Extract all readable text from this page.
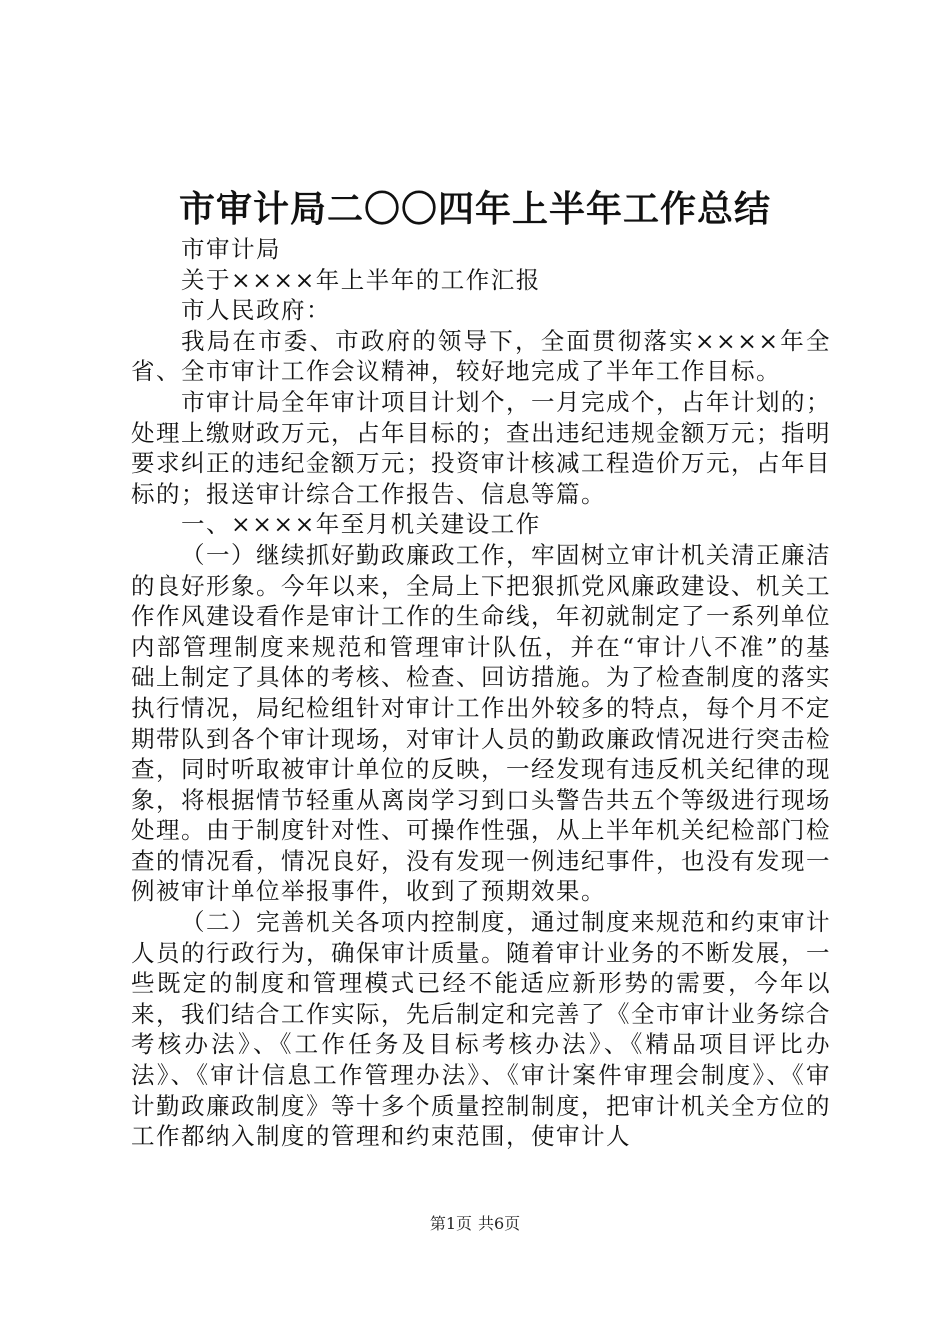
市审计局二〇〇四年上半年工作总结

市审计局

关于××××年上半年的工作汇报

市人民政府：

我局在市委、市政府的领导下，全面贯彻落实××××年全省、全市审计工作会议精神，较好地完成了半年工作目标。

市审计局全年审计项目计划个，一月完成个，占年计划的；处理上缴财政万元，占年目标的；查出违纪违规金额万元；指明要求纠正的违纪金额万元；投资审计核减工程造价万元，占年目标的；报送审计综合工作报告、信息等篇。

一、××××年至月机关建设工作

（一）继续抓好勤政廉政工作，牢固树立审计机关清正廉洁的良好形象。今年以来，全局上下把狠抓党风廉政建设、机关工作作风建设看作是审计工作的生命线，年初就制定了一系列单位内部管理制度来规范和管理审计队伍，并在“审计八不准”的基础上制定了具体的考核、检查、回访措施。为了检查制度的落实执行情况，局纪检组针对审计工作出外较多的特点，每个月不定期带队到各个审计现场，对审计人员的勤政廉政情况进行突击检查，同时听取被审计单位的反映，一经发现有违反机关纪律的现象，将根据情节轻重从离岗学习到口头警告共五个等级进行现场处理。由于制度针对性、可操作性强，从上半年机关纪检部门检查的情况看，情况良好，没有发现一例违纪事件，也没有发现一例被审计单位举报事件，收到了预期效果。

（二）完善机关各项内控制度，通过制度来规范和约束审计人员的行政行为，确保审计质量。随着审计业务的不断发展，一些既定的制度和管理模式已经不能适应新形势的需要，今年以来，我们结合工作实际，先后制定和完善了《全市审计业务综合考核办法》、《工作任务及目标考核办法》、《精品项目评比办法》、《审计信息工作管理办法》、《审计案件审理会制度》、《审计勤政廉政制度》等十多个质量控制制度，把审计机关全方位的工作都纳入制度的管理和约束范围，使审计人

第1页 共6页
